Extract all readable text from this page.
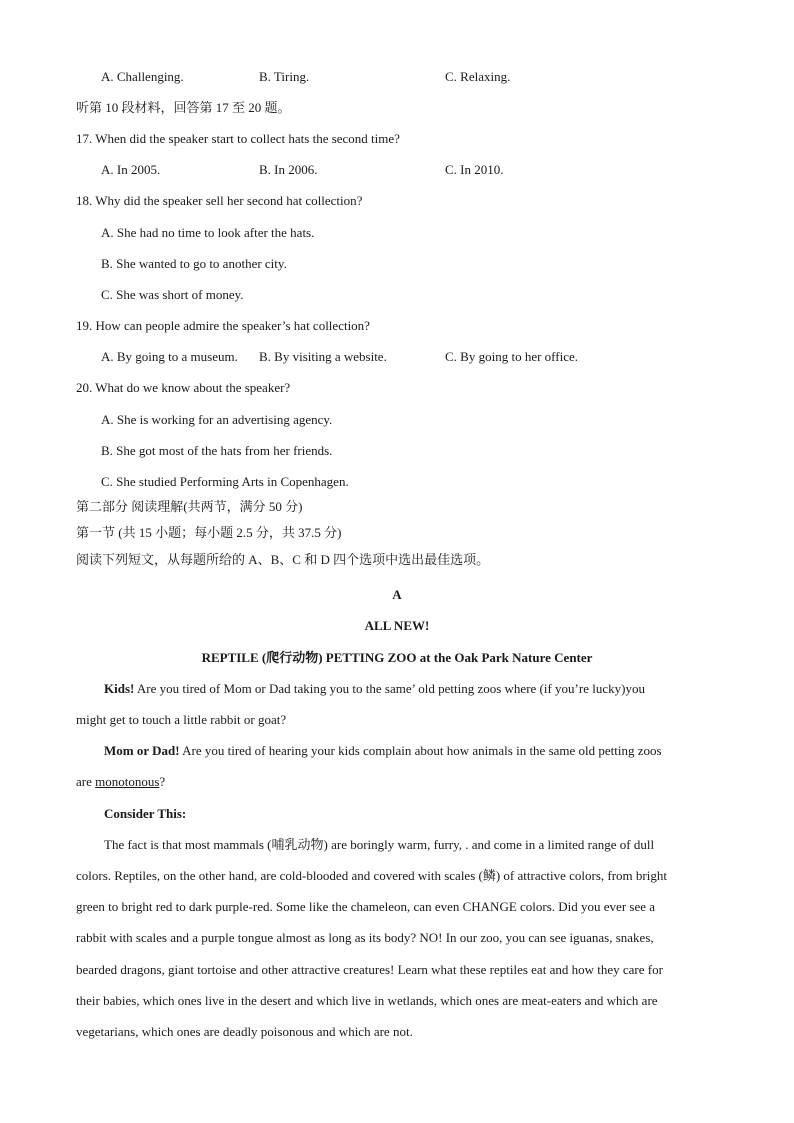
A. Challenging.	B. Tiring.	C. Relaxing.
听第 10 段材料，回答第 17 至 20 题。
17. When did the speaker start to collect hats the second time?
A. In 2005.	B. In 2006.	C. In 2010.
18. Why did the speaker sell her second hat collection?
A. She had no time to look after the hats.
B. She wanted to go to another city.
C. She was short of money.
19. How can people admire the speaker’s hat collection?
A. By going to a museum. B. By visiting a website.	C. By going to her office.
20. What do we know about the speaker?
A. She is working for an advertising agency.
B. She got most of the hats from her friends.
C. She studied Performing Arts in Copenhagen.
第二部分 阅读理解(共两节，满分 50 分)
第一节 (共 15 小题；每小题 2.5 分，共 37.5 分)
阅读下列短文，从每题所给的 A、B、C 和 D 四个选项中选出最佳选项。
A
ALL NEW!
REPTILE (爬行动物) PETTING ZOO at the Oak Park Nature Center
Kids! Are you tired of Mom or Dad taking you to the same’ old petting zoos where (if you’re lucky)you
might get to touch a little rabbit or goat?
Mom or Dad! Are you tired of hearing your kids complain about how animals in the same old petting zoos
are monotonous?
Consider This:
The fact is that most mammals (哺乳动物) are boringly warm, furry, . and come in a limited range of dull
colors. Reptiles, on the other hand, are cold-blooded and covered with scales (鳞) of attractive colors, from bright
green to bright red to dark purple-red. Some like the chameleon, can even CHANGE colors. Did you ever see a
rabbit with scales and a purple tongue almost as long as its body? NO! In our zoo, you can see iguanas, snakes,
bearded dragons, giant tortoise and other attractive creatures! Learn what these reptiles eat and how they care for
their babies, which ones live in the desert and which live in wetlands, which ones are meat-eaters and which are
vegetarians, which ones are deadly poisonous and which are not.
